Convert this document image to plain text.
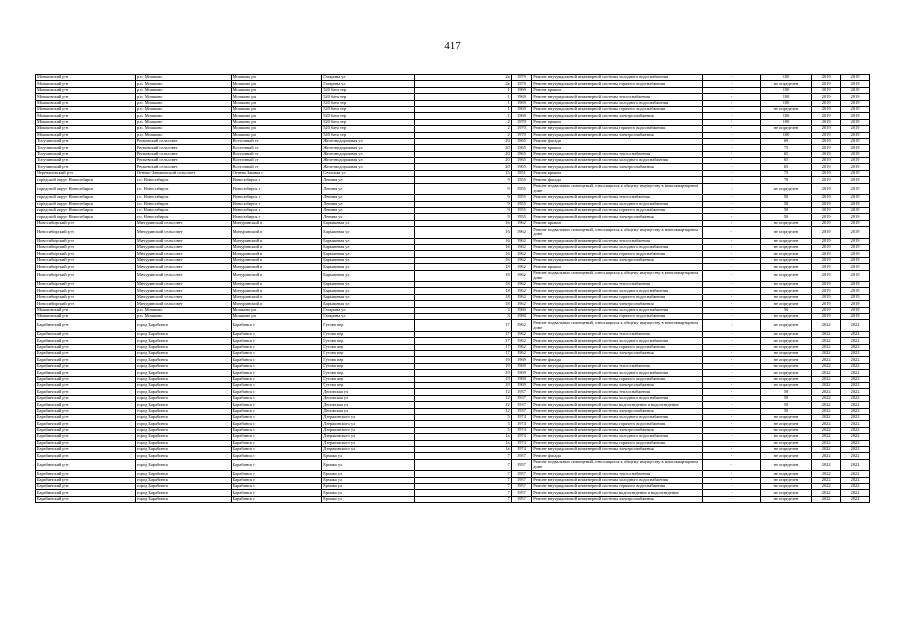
417
Мошковский р-н	р.п. Мошково	Мошково рп	Гагарина ул	2а	1979	Ремонт внутридомовой инженерной системы холодного водоснабжения	-	100	2019	2019
Мошковский р-н	р.п. Мошково	Мошково рп	Гагарина ул	2а	1979	Ремонт внутридомовой инженерной системы горячего водоснабжения	-	не определен	2019	2019
Мошковский р-н	р.п. Мошково	Мошково рп	520 бата тер	1	1969	Ремонт крыши	-	100	2019	2019
Мошковский р-н	р.п. Мошково	Мошково рп	520 бата тер	1	1969	Ремонт внутридомовой инженерной системы теплоснабжения	-	100	2019	2019
Мошковский р-н	р.п. Мошково	Мошково рп	520 бата тер	1	1969	Ремонт внутридомовой инженерной системы холодного водоснабжения	-	100	2019	2019
Мошковский р-н	р.п. Мошково	Мошково рп	520 бата тер	1	1969	Ремонт внутридомовой инженерной системы горячего водоснабжения	-	не определен	2019	2019
Мошковский р-н	р.п. Мошково	Мошково рп	520 бата тер	1	1969	Ремонт внутридомовой инженерной системы электроснабжения	-	100	2019	2019
Мошковский р-н	р.п. Мошково	Мошково рп	520 бата тер	2	1970	Ремонт крыши	-	100	2019	2019
Мошковский р-н	р.п. Мошково	Мошково рп	520 бата тер	2	1970	Ремонт внутридомовой инженерной системы горячего водоснабжения	-	не определен	2019	2019
Мошковский р-н	р.п. Мошково	Мошково рп	520 бата тер	2	1970	Ремонт внутридомовой инженерной системы электроснабжения	-	100	2019	2019
Тогучинский р-н	Репьевский сельсовет	Восточный ст	Железнодорожная ул	20	1965	Ремонт фасада	-	69	2019	2019
Тогучинский р-н	Репьевский сельсовет	Восточный ст	Железнодорожная ул	20	1965	Ремонт крыши	-	75	2019	2019
Тогучинский р-н	Репьевский сельсовет	Восточный ст	Железнодорожная ул	20	1965	Ремонт внутридомовой инженерной системы теплоснабжения	-	65	2019	2019
Тогучинский р-н	Репьевский сельсовет	Восточный ст	Железнодорожная ул	20	1965	Ремонт внутридомовой инженерной системы холодного водоснабжения	-	65	2019	2019
Тогучинский р-н	Репьевский сельсовет	Восточный ст	Железнодорожная ул	20	1965	Ремонт внутридомовой инженерной системы электроснабжения	-	65	2019	2019
Черепановский р-н	Огнево-Заимковский сельсовет	Огнева Заимка с	Сельская ул	15	1951	Ремонт крыши	-	75	2019	2019
городской округ Новосибирск	г.о. Новосибирск	Новосибирск г	Ленина ул	9	1955	Ремонт фасада	-	70	2019	2019
городской округ Новосибирск	г.о. Новосибирск	Новосибирск г	Ленина ул	9	1955	Ремонт подвальных помещений, относящихся к общему имуществу в многоквартирном доме	-	не определен	2019	2019
городской округ Новосибирск	г.о. Новосибирск	Новосибирск г	Ленина ул	9	1955	Ремонт внутридомовой инженерной системы теплоснабжения	-	50	2019	2019
городской округ Новосибирск	г.о. Новосибирск	Новосибирск г	Ленина ул	9	1955	Ремонт внутридомовой инженерной системы холодного водоснабжения	-	50	2019	2019
городской округ Новосибирск	г.о. Новосибирск	Новосибирск г	Ленина ул	9	1955	Ремонт внутридомовой инженерной системы горячего водоснабжения	-	50	2019	2019
городской округ Новосибирск	г.о. Новосибирск	Новосибирск г	Ленина ул	9	1955	Ремонт внутридомовой инженерной системы электроснабжения	-	50	2019	2019
Новосибирский р-н	Мичуринский сельсовет	Мичуринский п	Барышевая ул	16	1962	Ремонт крыши	-	не определен	2019	2019
Новосибирский р-н	Мичуринский сельсовет	Мичуринский п	Барышевая ул	16	1962	Ремонт подвальных помещений, относящихся к общему имуществу в многоквартирном доме	-	не определен	2019	2019
Новосибирский р-н	Мичуринский сельсовет	Мичуринский п	Барышевая ул	16	1962	Ремонт внутридомовой инженерной системы теплоснабжения	-	не определен	2019	2019
Новосибирский р-н	Мичуринский сельсовет	Мичуринский п	Барышевая ул	16	1962	Ремонт внутридомовой инженерной системы холодного водоснабжения	-	не определен	2019	2019
Новосибирский р-н	Мичуринский сельсовет	Мичуринский п	Барышевая ул	16	1962	Ремонт внутридомовой инженерной системы горячего водоснабжения	-	не определен	2019	2019
Новосибирский р-н	Мичуринский сельсовет	Мичуринский п	Барышевая ул	16	1962	Ремонт внутридомовой инженерной системы электроснабжения	-	не определен	2019	2019
Новосибирский р-н	Мичуринский сельсовет	Мичуринский п	Барышевая ул	18	1962	Ремонт крыши	-	не определен	2019	2019
Новосибирский р-н	Мичуринский сельсовет	Мичуринский п	Барышевая ул	18	1962	Ремонт подвальных помещений, относящихся к общему имуществу в многоквартирном доме	-	не определен	2019	2019
Новосибирский р-н	Мичуринский сельсовет	Мичуринский п	Барышевая ул	18	1962	Ремонт внутридомовой инженерной системы теплоснабжения	-	не определен	2019	2019
Новосибирский р-н	Мичуринский сельсовет	Мичуринский п	Барышевая ул	18	1962	Ремонт внутридомовой инженерной системы холодного водоснабжения	-	не определен	2019	2019
Новосибирский р-н	Мичуринский сельсовет	Мичуринский п	Барышевая ул	18	1962	Ремонт внутридомовой инженерной системы горячего водоснабжения	-	не определен	2019	2019
Новосибирский р-н	Мичуринский сельсовет	Мичуринский п	Барышевая ул	18	1962	Ремонт внутридомовой инженерной системы электроснабжения	-	не определен	2019	2019
Мошковский р-н	р.п. Мошково	Мошково рп	Гагарина ул	3	1980	Ремонт внутридомовой инженерной системы холодного водоснабжения	-	56	2019	2019
Мошковский р-н	р.п. Мошково	Мошково рп	Гагарина ул	3	1980	Ремонт внутридомовой инженерной системы горячего водоснабжения	-	не определен	2019	2019
Барабинский р-н	город Барабинск	Барабинск г	Гутова пер	17	1962	Ремонт подвальных помещений, относящихся к общему имуществу в многоквартирном доме	-	не определен	2022	2022
Барабинский р-н	город Барабинск	Барабинск г	Гутова пер	17	1962	Ремонт внутридомовой инженерной системы теплоснабжения	-	не определен	2022	2022
Барабинский р-н	город Барабинск	Барабинск г	Гутова пер	17	1962	Ремонт внутридомовой инженерной системы холодного водоснабжения	-	не определен	2022	2022
Барабинский р-н	город Барабинск	Барабинск г	Гутова пер	17	1962	Ремонт внутридомовой инженерной системы горячего водоснабжения	-	не определен	2022	2022
Барабинский р-н	город Барабинск	Барабинск г	Гутова пер	17	1962	Ремонт внутридомовой инженерной системы электроснабжения	-	не определен	2022	2022
Барабинский р-н	город Барабинск	Барабинск г	Гутова пер	19	1969	Ремонт фасада	-	не определен	2022	2022
Барабинский р-н	город Барабинск	Барабинск г	Гутова пер	19	1969	Ремонт внутридомовой инженерной системы теплоснабжения	-	не определен	2022	2022
Барабинский р-н	город Барабинск	Барабинск г	Гутова пер	19	1969	Ремонт внутридомовой инженерной системы холодного водоснабжения	-	не определен	2022	2022
Барабинский р-н	город Барабинск	Барабинск г	Гутова пер	19	1969	Ремонт внутридомовой инженерной системы горячего водоснабжения	-	не определен	2022	2022
Барабинский р-н	город Барабинск	Барабинск г	Гутова пер	19	1969	Ремонт внутридомовой инженерной системы электроснабжения	-	не определен	2022	2022
Барабинский р-н	город Барабинск	Барабинск г	Деповская ул	12	1937	Ремонт внутридомовой инженерной системы теплоснабжения	-	50	2022	2022
Барабинский р-н	город Барабинск	Барабинск г	Деповская ул	12	1937	Ремонт внутридомовой инженерной системы холодного водоснабжения	-	50	2022	2022
Барабинский р-н	город Барабинск	Барабинск г	Деповская ул	12	1937	Ремонт внутридомовой инженерной системы водоотведения и водоотведения	-	50	2022	2022
Барабинский р-н	город Барабинск	Барабинск г	Деповская ул	12	1937	Ремонт внутридомовой инженерной системы электроснабжения	-	50	2022	2022
Барабинский р-н	город Барабинск	Барабинск г	Дзержинского ул	5	1974	Ремонт внутридомовой инженерной системы холодного водоснабжения	-	не определен	2022	2022
Барабинский р-н	город Барабинск	Барабинск г	Дзержинского ул	5	1974	Ремонт внутридомовой инженерной системы горячего водоснабжения	-	не определен	2022	2022
Барабинский р-н	город Барабинск	Барабинск г	Дзержинского ул	5	1974	Ремонт внутридомовой инженерной системы электроснабжения	-	не определен	2022	2022
Барабинский р-н	город Барабинск	Барабинск г	Дзержинского ул	1а	1974	Ремонт внутридомовой инженерной системы холодного водоснабжения	-	не определен	2022	2022
Барабинский р-н	город Барабинск	Барабинск г	Дзержинского ул	1а	1974	Ремонт внутридомовой инженерной системы горячего водоснабжения	-	не определен	2022	2022
Барабинский р-н	город Барабинск	Барабинск г	Дзержинского ул	1а	1974	Ремонт внутридомовой инженерной системы электроснабжения	-	не определен	2022	2022
Барабинский р-н	город Барабинск	Барабинск г	Ермака ул	7	1957	Ремонт фасада	-	не определен	2022	2022
Барабинский р-н	город Барабинск	Барабинск г	Ермака ул	7	1957	Ремонт подвальных помещений, относящихся к общему имуществу в многоквартирном доме	-	не определен	2022	2022
Барабинский р-н	город Барабинск	Барабинск г	Ермака ул	7	1957	Ремонт внутридомовой инженерной системы теплоснабжения	-	не определен	2022	2022
Барабинский р-н	город Барабинск	Барабинск г	Ермака ул	7	1957	Ремонт внутридомовой инженерной системы холодного водоснабжения	-	не определен	2022	2022
Барабинский р-н	город Барабинск	Барабинск г	Ермака ул	7	1957	Ремонт внутридомовой инженерной системы горячего водоснабжения	-	не определен	2022	2022
Барабинский р-н	город Барабинск	Барабинск г	Ермака ул	7	1957	Ремонт внутридомовой инженерной системы водоотведения и водоотведения	-	не определен	2022	2022
Барабинский р-н	город Барабинск	Барабинск г	Ермака ул	7	1957	Ремонт внутридомовой инженерной системы электроснабжения	-	не определен	2022	2022
